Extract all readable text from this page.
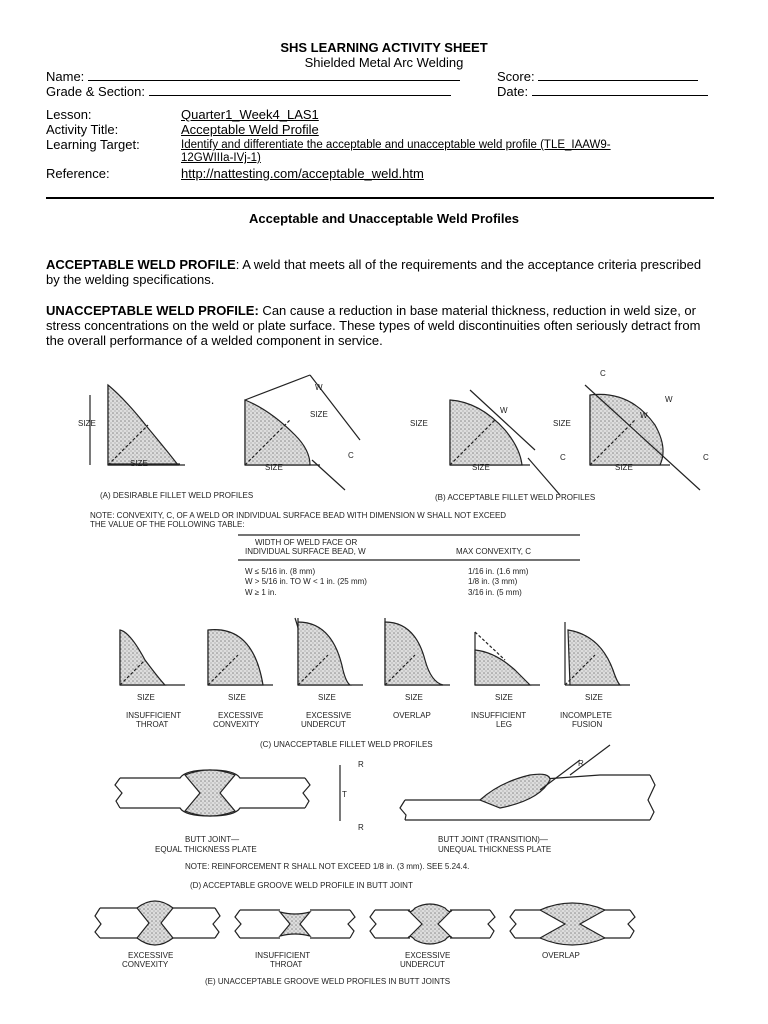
SHS LEARNING ACTIVITY SHEET
Shielded Metal Arc Welding
Name:	Score:
Grade & Section:	Date:
Lesson:	Quarter1_Week4_LAS1
Activity Title:	Acceptable Weld Profile
Learning Target:	Identify and differentiate the acceptable and unacceptable weld profile (TLE_IAAW9-
12GWIIIa-IVj-1)
Reference:	http://nattesting.com/acceptable_weld.htm
Acceptable and Unacceptable Weld Profiles
ACCEPTABLE WELD PROFILE: A weld that meets all of the requirements and the acceptance criteria prescribed by the welding specifications.
UNACCEPTABLE WELD PROFILE: Can cause a reduction in base material thickness, reduction in weld size, or stress concentrations on the weld or plate surface. These types of weld discontinuities often seriously detract from the overall performance of a welded component in service.
SIZE
SIZE
W
SIZE
C
SIZE
W
SIZE
C
SIZE
C
W
W
SIZE
C
SIZE
(A) DESIRABLE FILLET WELD PROFILES	(B) ACCEPTABLE FILLET WELD PROFILES
NOTE: CONVEXITY, C, OF A WELD OR INDIVIDUAL SURFACE BEAD WITH DIMENSION W SHALL NOT EXCEED
THE VALUE OF THE FOLLOWING TABLE:
WIDTH OF WELD FACE OR
INDIVIDUAL SURFACE BEAD, W	MAX CONVEXITY, C
W ≤ 5/16 in. (8 mm)	1/16 in. (1.6 mm)
W > 5/16 in. TO W < 1 in. (25 mm)	1/8 in. (3 mm)
W ≥ 1 in.	3/16 in. (5 mm)
SIZE	SIZE	SIZE	SIZE	SIZE	SIZE
INSUFFICIENT
THROAT
EXCESSIVE
CONVEXITY
EXCESSIVE
UNDERCUT
OVERLAP	INSUFFICIENT
LEG
INCOMPLETE
FUSION
(C) UNACCEPTABLE FILLET WELD PROFILES
R
T
R
R
BUTT JOINT—
EQUAL THICKNESS PLATE
BUTT JOINT (TRANSITION)—
UNEQUAL THICKNESS PLATE
NOTE: REINFORCEMENT R SHALL NOT EXCEED 1/8 in. (3 mm). SEE 5.24.4.
(D) ACCEPTABLE GROOVE WELD PROFILE IN BUTT JOINT
EXCESSIVE
CONVEXITY
INSUFFICIENT
THROAT
EXCESSIVE
UNDERCUT
OVERLAP
(E) UNACCEPTABLE GROOVE WELD PROFILES IN BUTT JOINTS
